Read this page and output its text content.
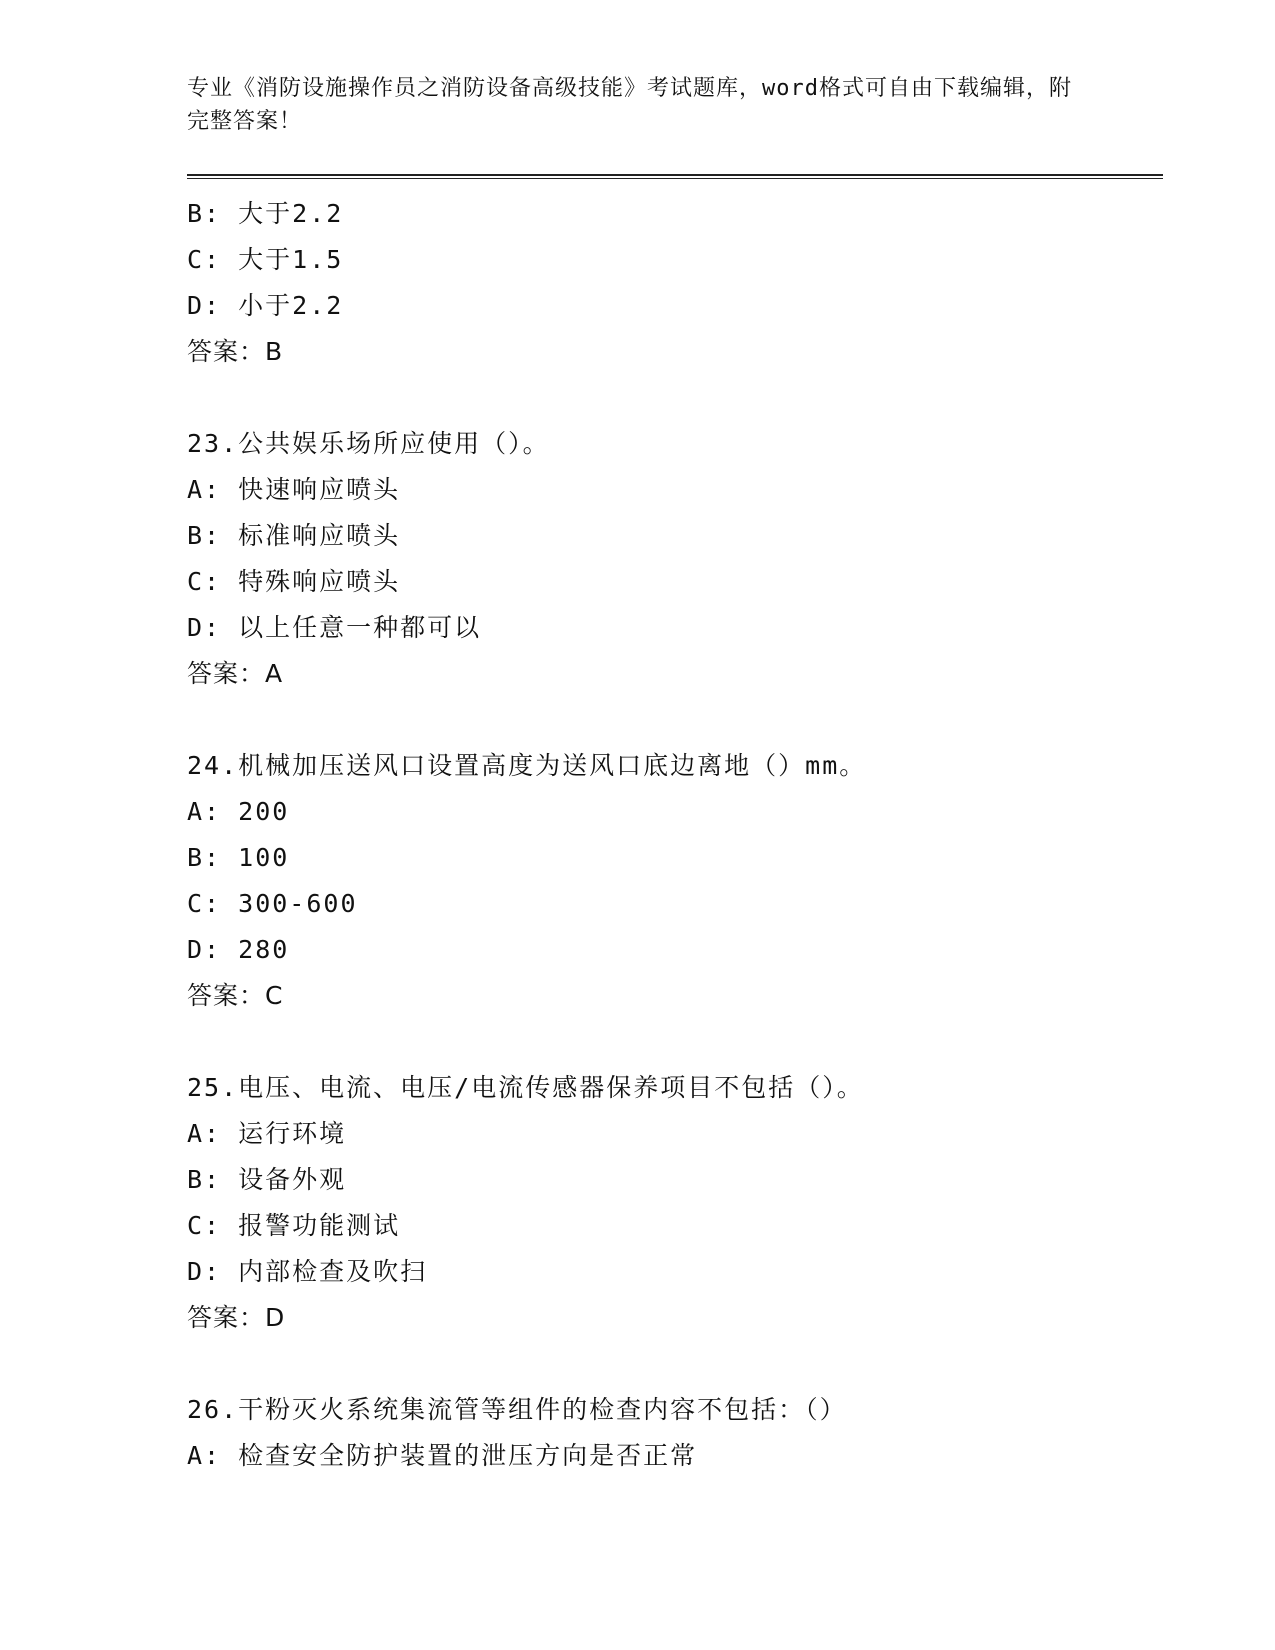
专业《消防设施操作员之消防设备高级技能》考试题库，word格式可自由下载编辑，附完整答案！

B: 大于2.2
C: 大于1.5
D: 小于2.2
答案：B
23.公共娱乐场所应使用（）。
A: 快速响应喷头
B: 标准响应喷头
C: 特殊响应喷头
D: 以上任意一种都可以
答案：A
24.机械加压送风口设置高度为送风口底边离地（）mm。
A: 200
B: 100
C: 300-600
D: 280
答案：C
25.电压、电流、电压/电流传感器保养项目不包括（）。
A: 运行环境
B: 设备外观
C: 报警功能测试
D: 内部检查及吹扫
答案：D
26.干粉灭火系统集流管等组件的检查内容不包括：（）
A: 检查安全防护装置的泄压方向是否正常
